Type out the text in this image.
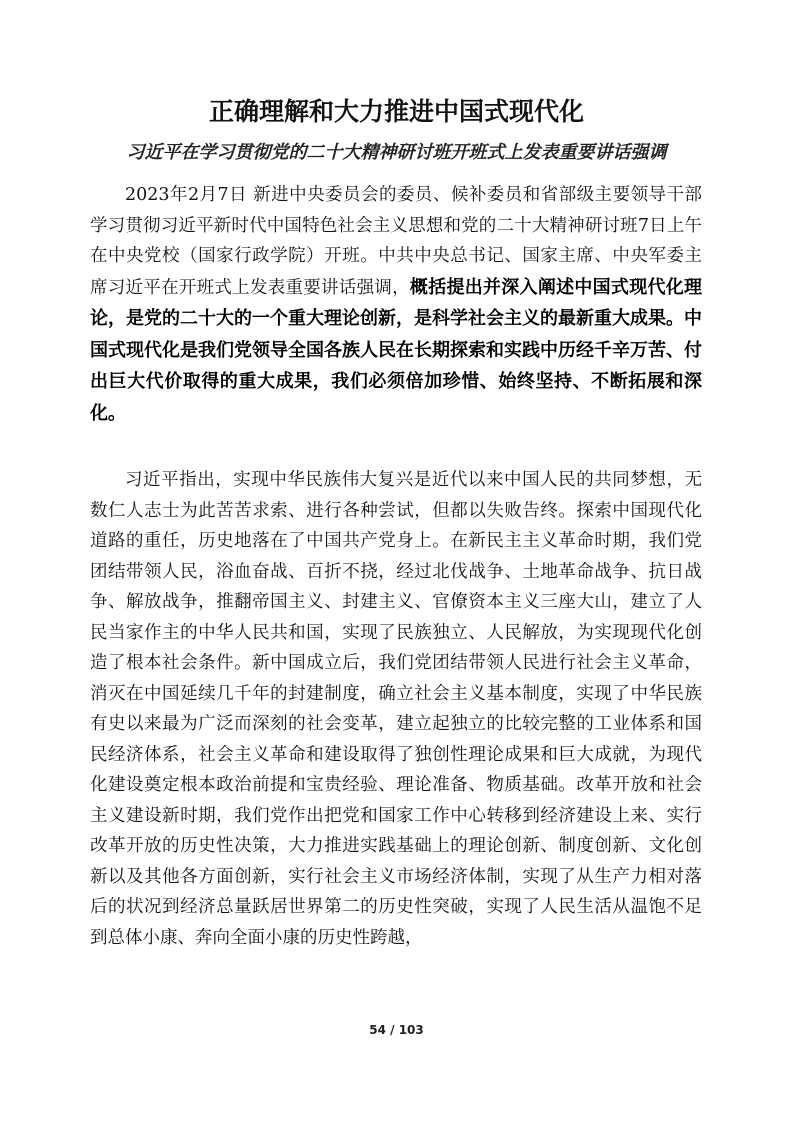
正确理解和大力推进中国式现代化
习近平在学习贯彻党的二十大精神研讨班开班式上发表重要讲话强调

2023年2月7日 新进中央委员会的委员、候补委员和省部级主要领导干部学习贯彻习近平新时代中国特色社会主义思想和党的二十大精神研讨班7日上午在中央党校（国家行政学院）开班。中共中央总书记、国家主席、中央军委主席习近平在开班式上发表重要讲话强调，概括提出并深入阐述中国式现代化理论，是党的二十大的一个重大理论创新，是科学社会主义的最新重大成果。中国式现代化是我们党领导全国各族人民在长期探索和实践中历经千辛万苦、付出巨大代价取得的重大成果，我们必须倍加珍惜、始终坚持、不断拓展和深化。

习近平指出，实现中华民族伟大复兴是近代以来中国人民的共同梦想，无数仁人志士为此苦苦求索、进行各种尝试，但都以失败告终。探索中国现代化道路的重任，历史地落在了中国共产党身上。在新民主主义革命时期，我们党团结带领人民，浴血奋战、百折不挠，经过北伐战争、土地革命战争、抗日战争、解放战争，推翻帝国主义、封建主义、官僚资本主义三座大山，建立了人民当家作主的中华人民共和国，实现了民族独立、人民解放，为实现现代化创造了根本社会条件。新中国成立后，我们党团结带领人民进行社会主义革命，消灭在中国延续几千年的封建制度，确立社会主义基本制度，实现了中华民族有史以来最为广泛而深刻的社会变革，建立起独立的比较完整的工业体系和国民经济体系，社会主义革命和建设取得了独创性理论成果和巨大成就，为现代化建设奠定根本政治前提和宝贵经验、理论准备、物质基础。改革开放和社会主义建设新时期，我们党作出把党和国家工作中心转移到经济建设上来、实行改革开放的历史性决策，大力推进实践基础上的理论创新、制度创新、文化创新以及其他各方面创新，实行社会主义市场经济体制，实现了从生产力相对落后的状况到经济总量跃居世界第二的历史性突破，实现了人民生活从温饱不足到总体小康、奔向全面小康的历史性跨越，

54 / 103
